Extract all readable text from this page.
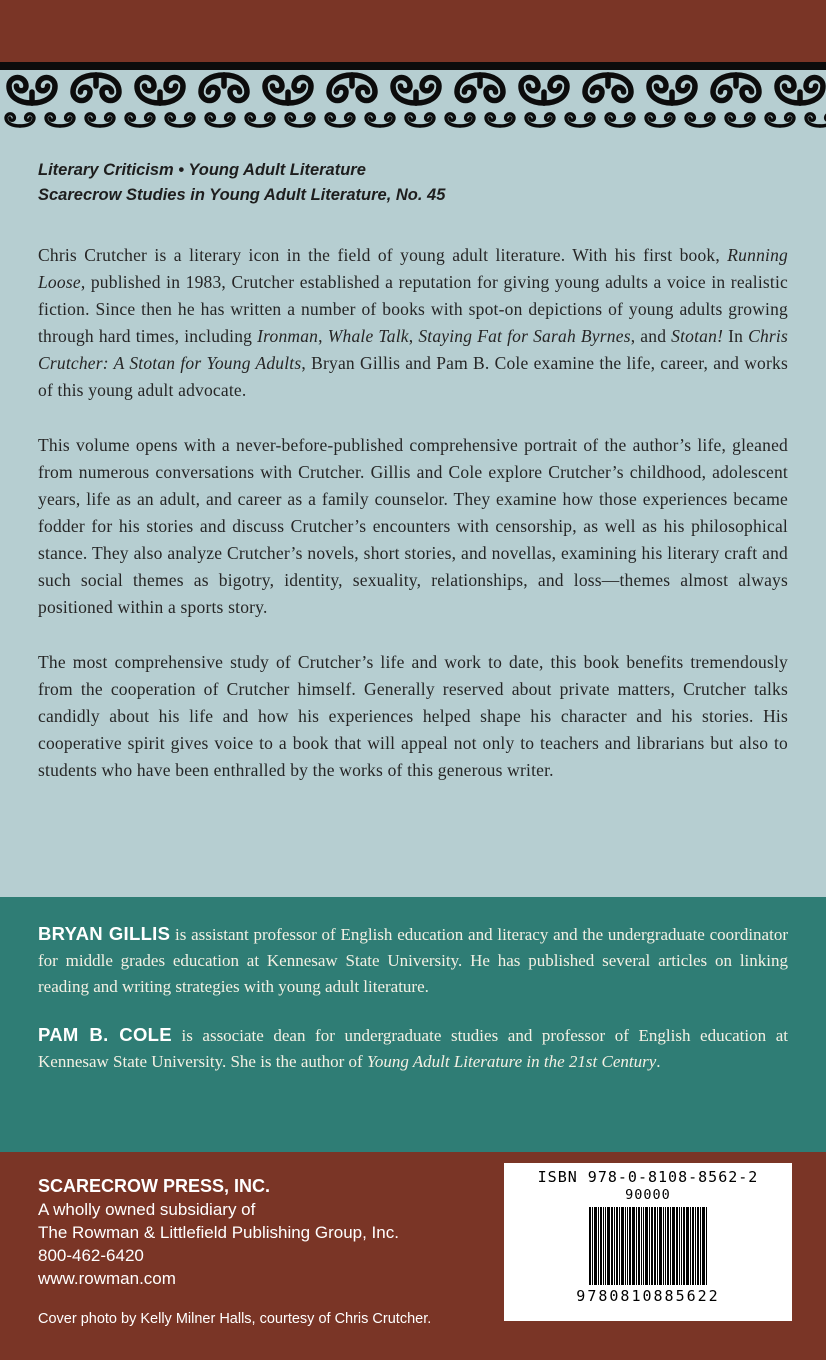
Literary Criticism • Young Adult Literature
Scarecrow Studies in Young Adult Literature, No. 45

Chris Crutcher is a literary icon in the field of young adult literature. With his first book, Running Loose, published in 1983, Crutcher established a reputation for giving young adults a voice in realistic fiction. Since then he has written a number of books with spot-on depictions of young adults growing through hard times, including Ironman, Whale Talk, Staying Fat for Sarah Byrnes, and Stotan! In Chris Crutcher: A Stotan for Young Adults, Bryan Gillis and Pam B. Cole examine the life, career, and works of this young adult advocate.

This volume opens with a never-before-published comprehensive portrait of the author’s life, gleaned from numerous conversations with Crutcher. Gillis and Cole explore Crutcher’s childhood, adolescent years, life as an adult, and career as a family counselor. They examine how those experiences became fodder for his stories and discuss Crutcher’s encounters with censorship, as well as his philosophical stance. They also analyze Crutcher’s novels, short stories, and novellas, examining his literary craft and such social themes as bigotry, identity, sexuality, relationships, and loss—themes almost always positioned within a sports story.

The most comprehensive study of Crutcher’s life and work to date, this book benefits tremendously from the cooperation of Crutcher himself. Generally reserved about private matters, Crutcher talks candidly about his life and how his experiences helped shape his character and his stories. His cooperative spirit gives voice to a book that will appeal not only to teachers and librarians but also to students who have been enthralled by the works of this generous writer.

BRYAN GILLIS is assistant professor of English education and literacy and the undergraduate coordinator for middle grades education at Kennesaw State University. He has published several articles on linking reading and writing strategies with young adult literature.

PAM B. COLE is associate dean for undergraduate studies and professor of English education at Kennesaw State University. She is the author of Young Adult Literature in the 21st Century.

SCARECROW PRESS, INC.
A wholly owned subsidiary of
The Rowman & Littlefield Publishing Group, Inc.
800-462-6420
www.rowman.com
Cover photo by Kelly Milner Halls, courtesy of Chris Crutcher.
ISBN 978-0-8108-8562-2
90000
9780810885622
